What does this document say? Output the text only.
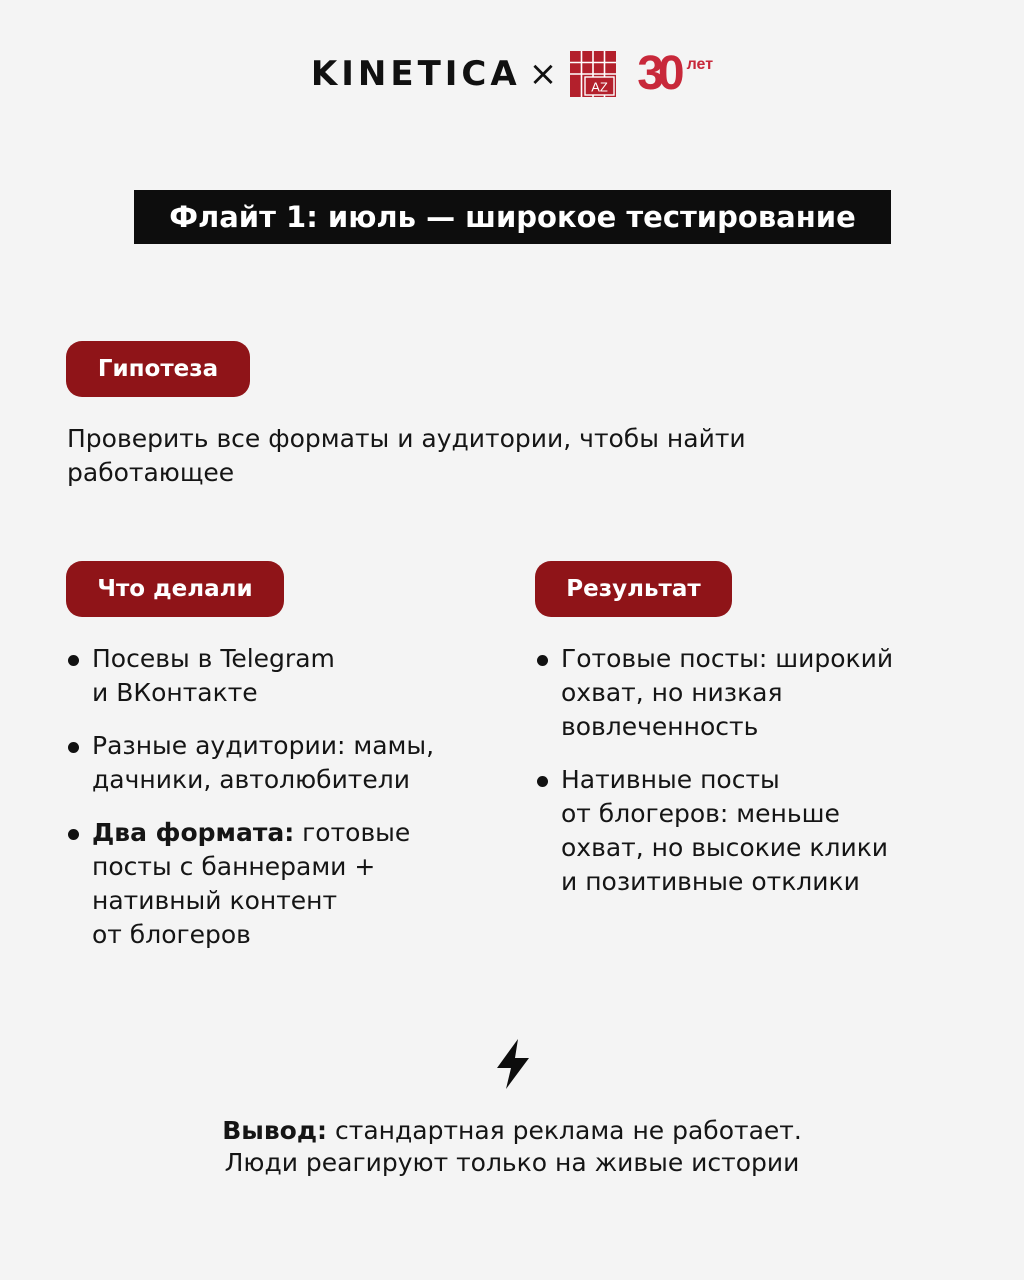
KINETICA ×	AZ 30 лет
Флайт 1: июль — широкое тестирование
Гипотеза
Проверить все форматы и аудитории, чтобы найти
работающее
Что делали	Результат
Посевы в Telegram
и ВКонтакте
Разные аудитории: мамы,
дачники, автолюбители
Два формата: готовые
посты с баннерами +
нативный контент
от блогеров
Готовые посты: широкий
охват, но низкая
вовлеченность
Нативные посты
от блогеров: меньше
охват, но высокие клики
и позитивные отклики
Вывод: стандартная реклама не работает.
Люди реагируют только на живые истории
